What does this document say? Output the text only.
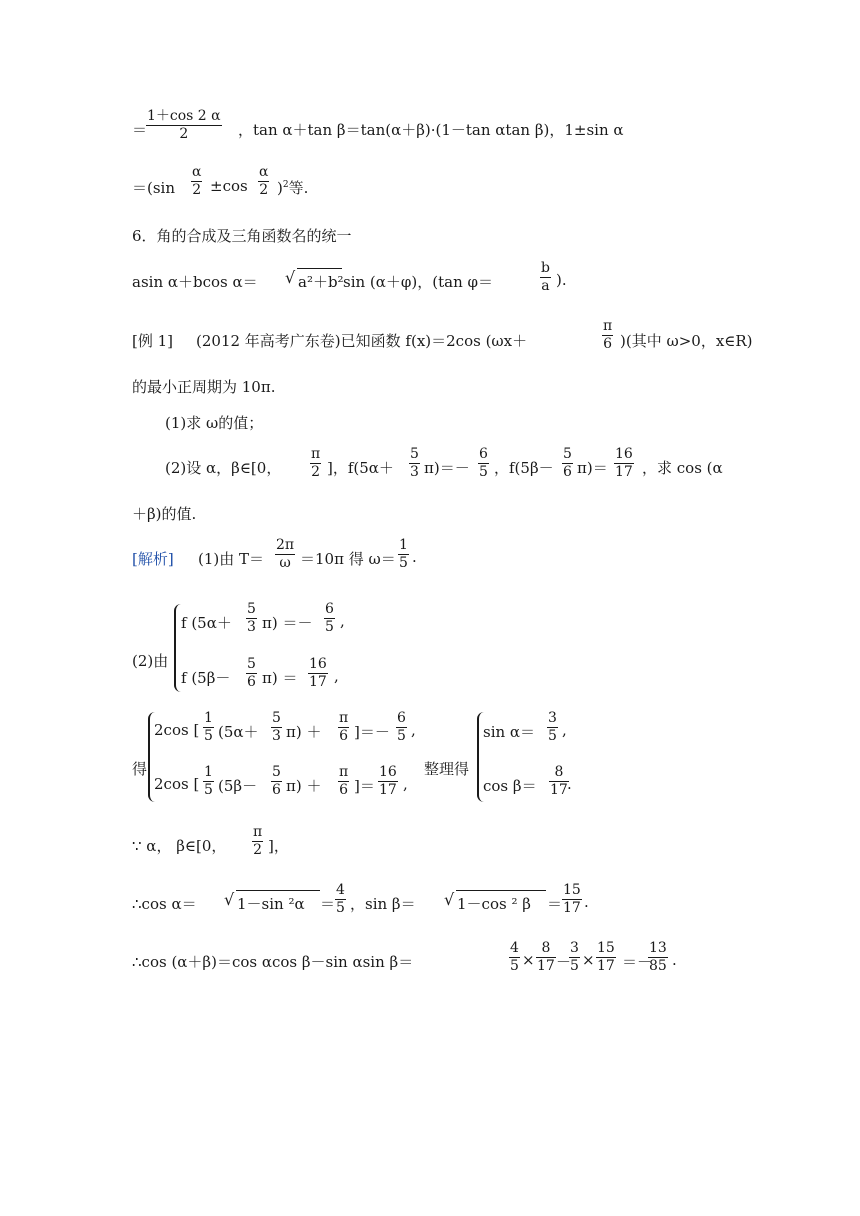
＝
$\frac{1+\cos 2 \alpha}{2}$ ，tan α＋tan β＝tan(α＋β)·(1－tan αtan β)，1±sin α
$=(\sin \frac{\alpha}{2} \pm\cos \frac{\alpha}{2} )^2$等.
6．角的合成及三角函数名的统一
asin α＋bcos α＝ √ a²＋b² sin (α＋φ)，(tan φ＝	$\frac{b}{a}$ ).
[例 1] (2012 年高考广东卷)已知函数 f(x)＝2cos (ωx＋	$\frac{\pi}{6}$ )(其中 ω>0，x∈R)
的最小正周期为 10π.
(1)求 ω的值；
(2)设 α，β∈[0， $\frac{\pi}{2}$ ]，$f(5\alpha+ \frac{5}{3} \pi)=- \frac{6}{5}$ ，$f(5\beta- \frac{5}{6} \pi)= \frac{16}{17}$ ，求 cos (α
＋β)的值.
[解析] (1)由 $T= \frac{2\pi}{\omega} =10\pi$ 得 $\omega= \frac{1}{5}$ .
(2)由
f $(5\alpha+ \frac{5}{3} \pi) =- \frac{6}{5}$ ,
f $(5\beta- \frac{5}{6} \pi) = \frac{16}{17}$ ,
得
2cos [ $\frac{1}{5} (5\alpha+ \frac{5}{3} \pi) + \frac{\pi}{6}$ ]＝－ $\frac{6}{5}$ ,
2cos [ $\frac{1}{5} (5\beta- \frac{5}{6} \pi) + \frac{\pi}{6}$ ]＝ $\frac{16}{17}$ ,
整理得
$\sin \alpha= \frac{3}{5}$ ,
$\cos \beta= \frac{8}{17}$
.
∵ α， β∈[0， $\frac{\pi}{2}$ ]，
∴cos α＝ √ 1－sin $^2\alpha = \frac{4}{5}$ ，sin β＝ √ 1－cos ² $\beta = \frac{15}{17}$ .
∴cos (α＋β)＝cos αcos β－sin αsin β＝	$\frac{4}{5} \times \frac{8}{17}$ －
$\frac{3}{5} \times \frac{15}{17}$ ＝－
$\frac{13}{85}$ .
